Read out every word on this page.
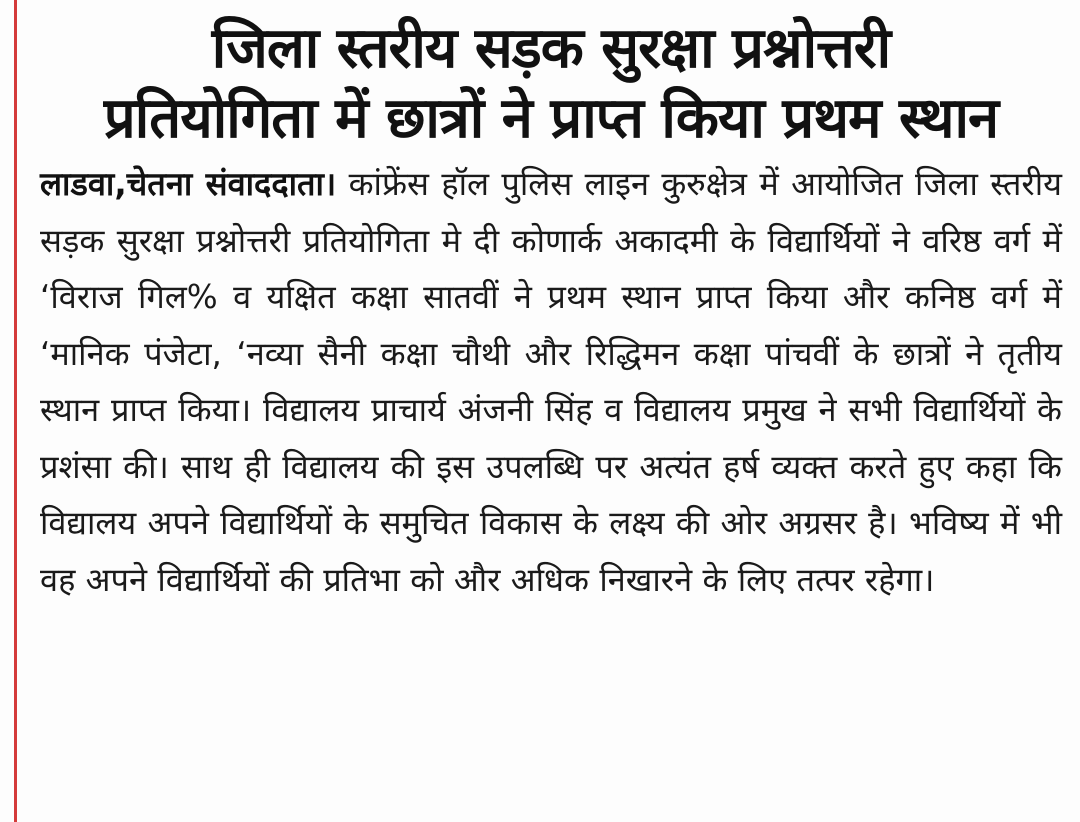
जिला स्तरीय सड़क सुरक्षा प्रश्नोत्तरी
प्रतियोगिता में छात्रों ने प्राप्त किया प्रथम स्थान

लाडवा,चेतना संवाददाता। कांफ्रेंस हॉल पुलिस लाइन कुरुक्षेत्र में आयोजित जिला स्तरीय सड़क सुरक्षा प्रश्नोत्तरी प्रतियोगिता मे दी कोणार्क अकादमी के विद्यार्थियों ने वरिष्ठ वर्ग में ‘विराज गिल% व यक्षित कक्षा सातवीं ने प्रथम स्थान प्राप्त किया और कनिष्ठ वर्ग में ‘मानिक पंजेटा, ‘नव्या सैनी कक्षा चौथी और रिद्धिमन कक्षा पांचवीं के छात्रों ने तृतीय स्थान प्राप्त किया। विद्यालय प्राचार्य अंजनी सिंह व विद्यालय प्रमुख ने सभी विद्यार्थियों के प्रशंसा की। साथ ही विद्यालय की इस उपलब्धि पर अत्यंत हर्ष व्यक्त करते हुए कहा कि विद्यालय अपने विद्यार्थियों के समुचित विकास के लक्ष्य की ओर अग्रसर है। भविष्य में भी वह अपने विद्यार्थियों की प्रतिभा को और अधिक निखारने के लिए तत्पर रहेगा।
